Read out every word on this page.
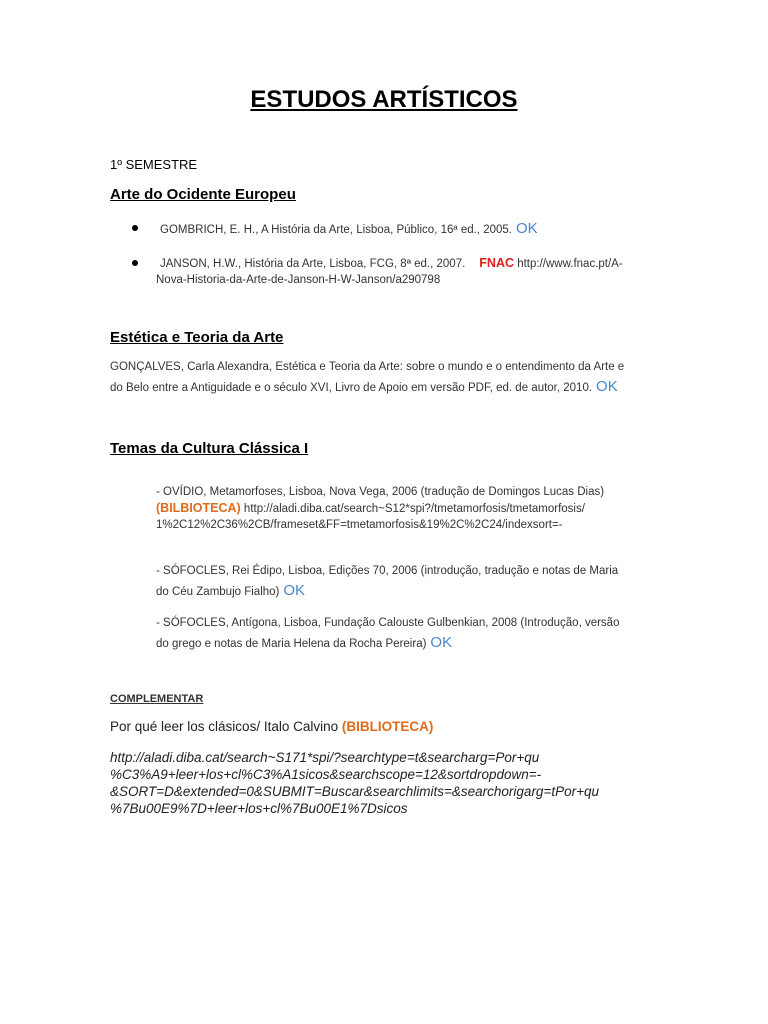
ESTUDOS ARTÍSTICOS
1º SEMESTRE
Arte do Ocidente Europeu
GOMBRICH, E. H., A História da Arte, Lisboa, Público, 16ª ed., 2005. OK
JANSON, H.W., História da Arte, Lisboa, FCG, 8ª ed., 2007. FNAC http://www.fnac.pt/A-
Nova-Historia-da-Arte-de-Janson-H-W-Janson/a290798
Estética e Teoria da Arte
GONÇALVES, Carla Alexandra, Estética e Teoria da Arte: sobre o mundo e o entendimento da Arte e
do Belo entre a Antiguidade e o século XVI, Livro de Apoio em versão PDF, ed. de autor, 2010. OK
Temas da Cultura Clássica I
- OVÍDIO, Metamorfoses, Lisboa, Nova Vega, 2006 (tradução de Domingos Lucas Dias)
(BILBIOTECA) http://aladi.diba.cat/search~S12*spi?/tmetamorfosis/tmetamorfosis/
1%2C12%2C36%2CB/frameset&FF=tmetamorfosis&19%2C%2C24/indexsort=-
- SÓFOCLES, Rei Édipo, Lisboa, Edições 70, 2006 (introdução, tradução e notas de Maria
do Céu Zambujo Fialho) OK
- SÓFOCLES, Antígona, Lisboa, Fundação Calouste Gulbenkian, 2008 (Introdução, versão
do grego e notas de Maria Helena da Rocha Pereira) OK
COMPLEMENTAR
Por qué leer los clásicos/ Italo Calvino (BIBLIOTECA)
http://aladi.diba.cat/search~S171*spi/?searchtype=t&searcharg=Por+qu
%C3%A9+leer+los+cl%C3%A1sicos&searchscope=12&sortdropdown=-
&SORT=D&extended=0&SUBMIT=Buscar&searchlimits=&searchorigarg=tPor+qu
%7Bu00E9%7D+leer+los+cl%7Bu00E1%7Dsicos
